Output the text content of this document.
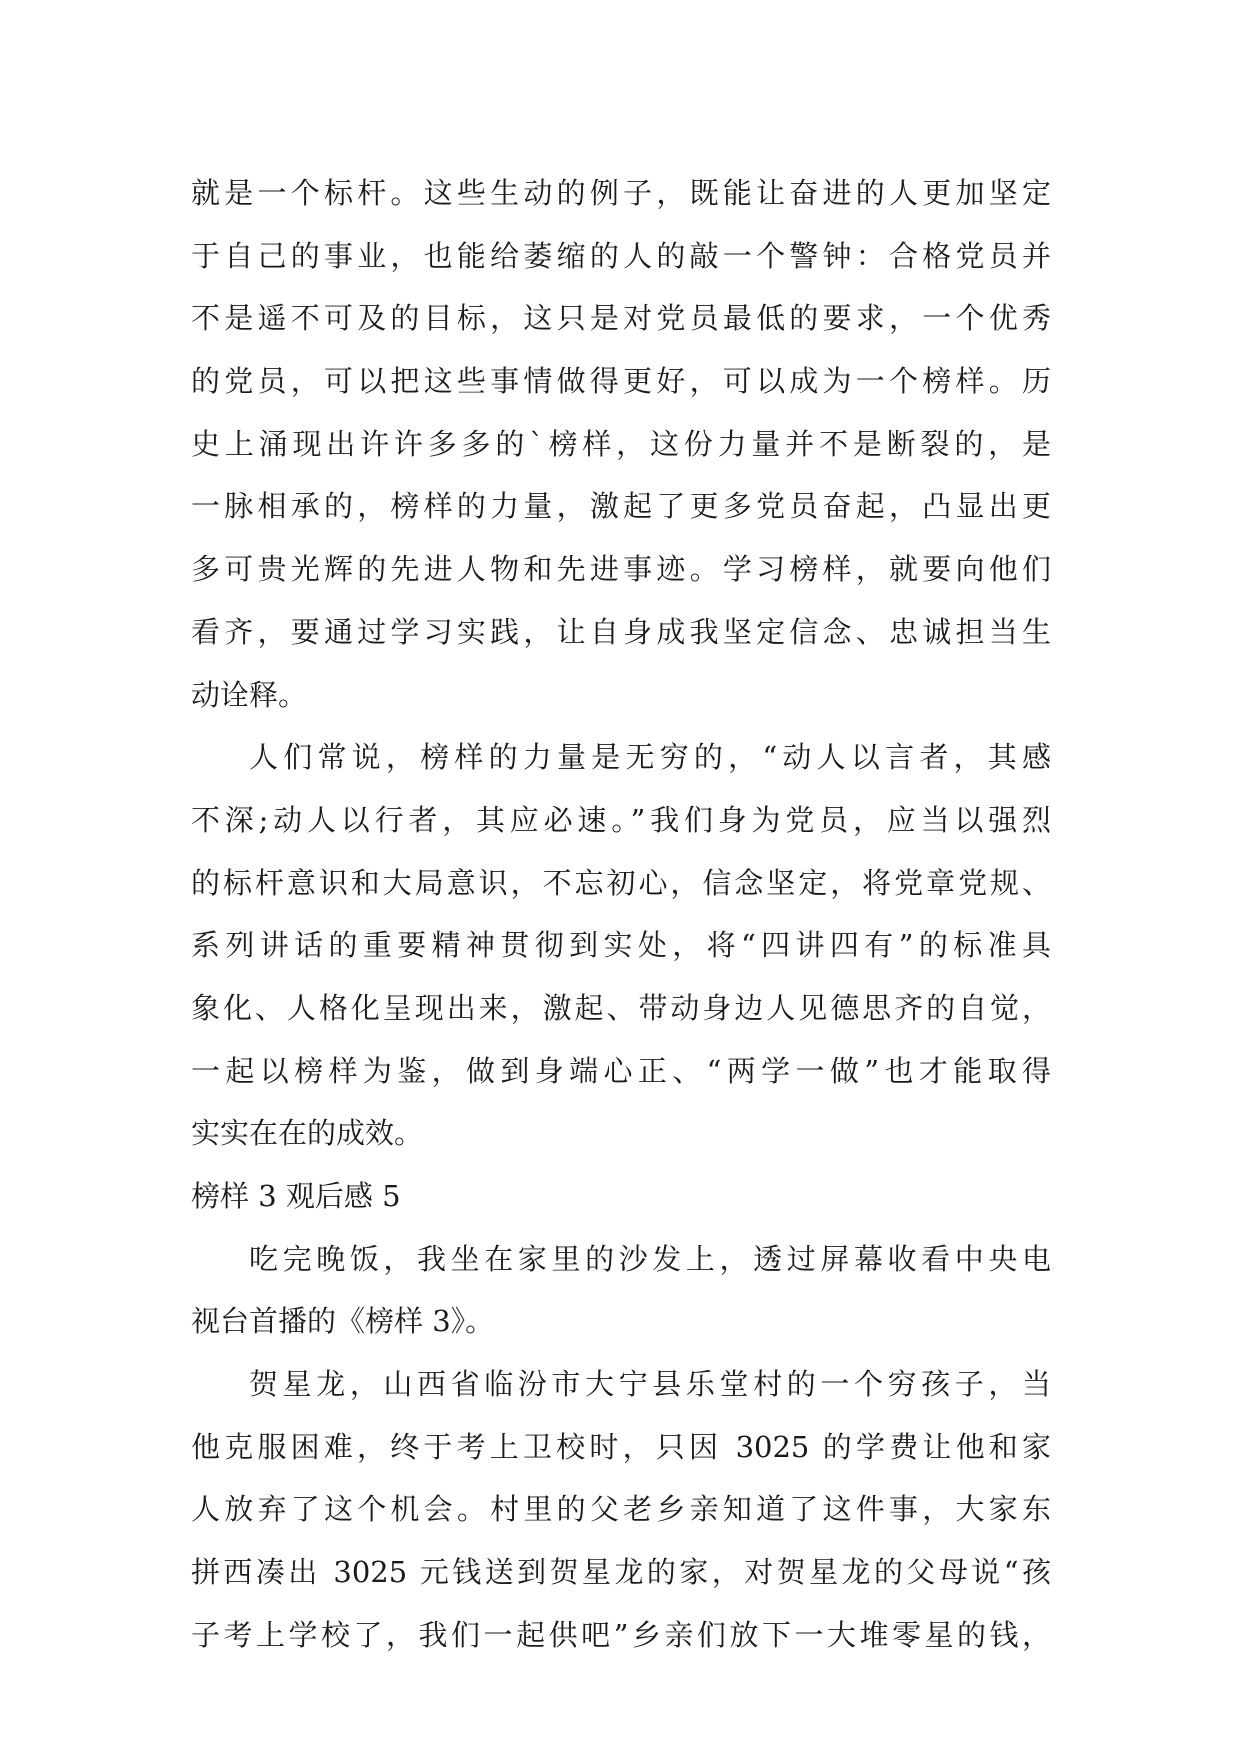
就是一个标杆。这些生动的例子，既能让奋进的人更加坚定
于自己的事业，也能给萎缩的人的敲一个警钟：合格党员并
不是遥不可及的目标，这只是对党员最低的要求，一个优秀
的党员，可以把这些事情做得更好，可以成为一个榜样。历
史上涌现出许许多多的`榜样，这份力量并不是断裂的，是
一脉相承的，榜样的力量，激起了更多党员奋起，凸显出更
多可贵光辉的先进人物和先进事迹。学习榜样，就要向他们
看齐，要通过学习实践，让自身成我坚定信念、忠诚担当生
动诠释。
人们常说，榜样的力量是无穷的，“动人以言者，其感
不深;动人以行者，其应必速。”我们身为党员，应当以强烈
的标杆意识和大局意识，不忘初心，信念坚定，将党章党规、
系列讲话的重要精神贯彻到实处，将“四讲四有”的标准具
象化、人格化呈现出来，激起、带动身边人见德思齐的自觉，
一起以榜样为鉴，做到身端心正、“两学一做”也才能取得
实实在在的成效。
榜样 3 观后感 5
吃完晚饭，我坐在家里的沙发上，透过屏幕收看中央电
视台首播的《榜样 3》。
贺星龙，山西省临汾市大宁县乐堂村的一个穷孩子，当
他克服困难，终于考上卫校时，只因 3025 的学费让他和家
人放弃了这个机会。村里的父老乡亲知道了这件事，大家东
拼西凑出 3025 元钱送到贺星龙的家，对贺星龙的父母说“孩
子考上学校了，我们一起供吧”乡亲们放下一大堆零星的钱，
